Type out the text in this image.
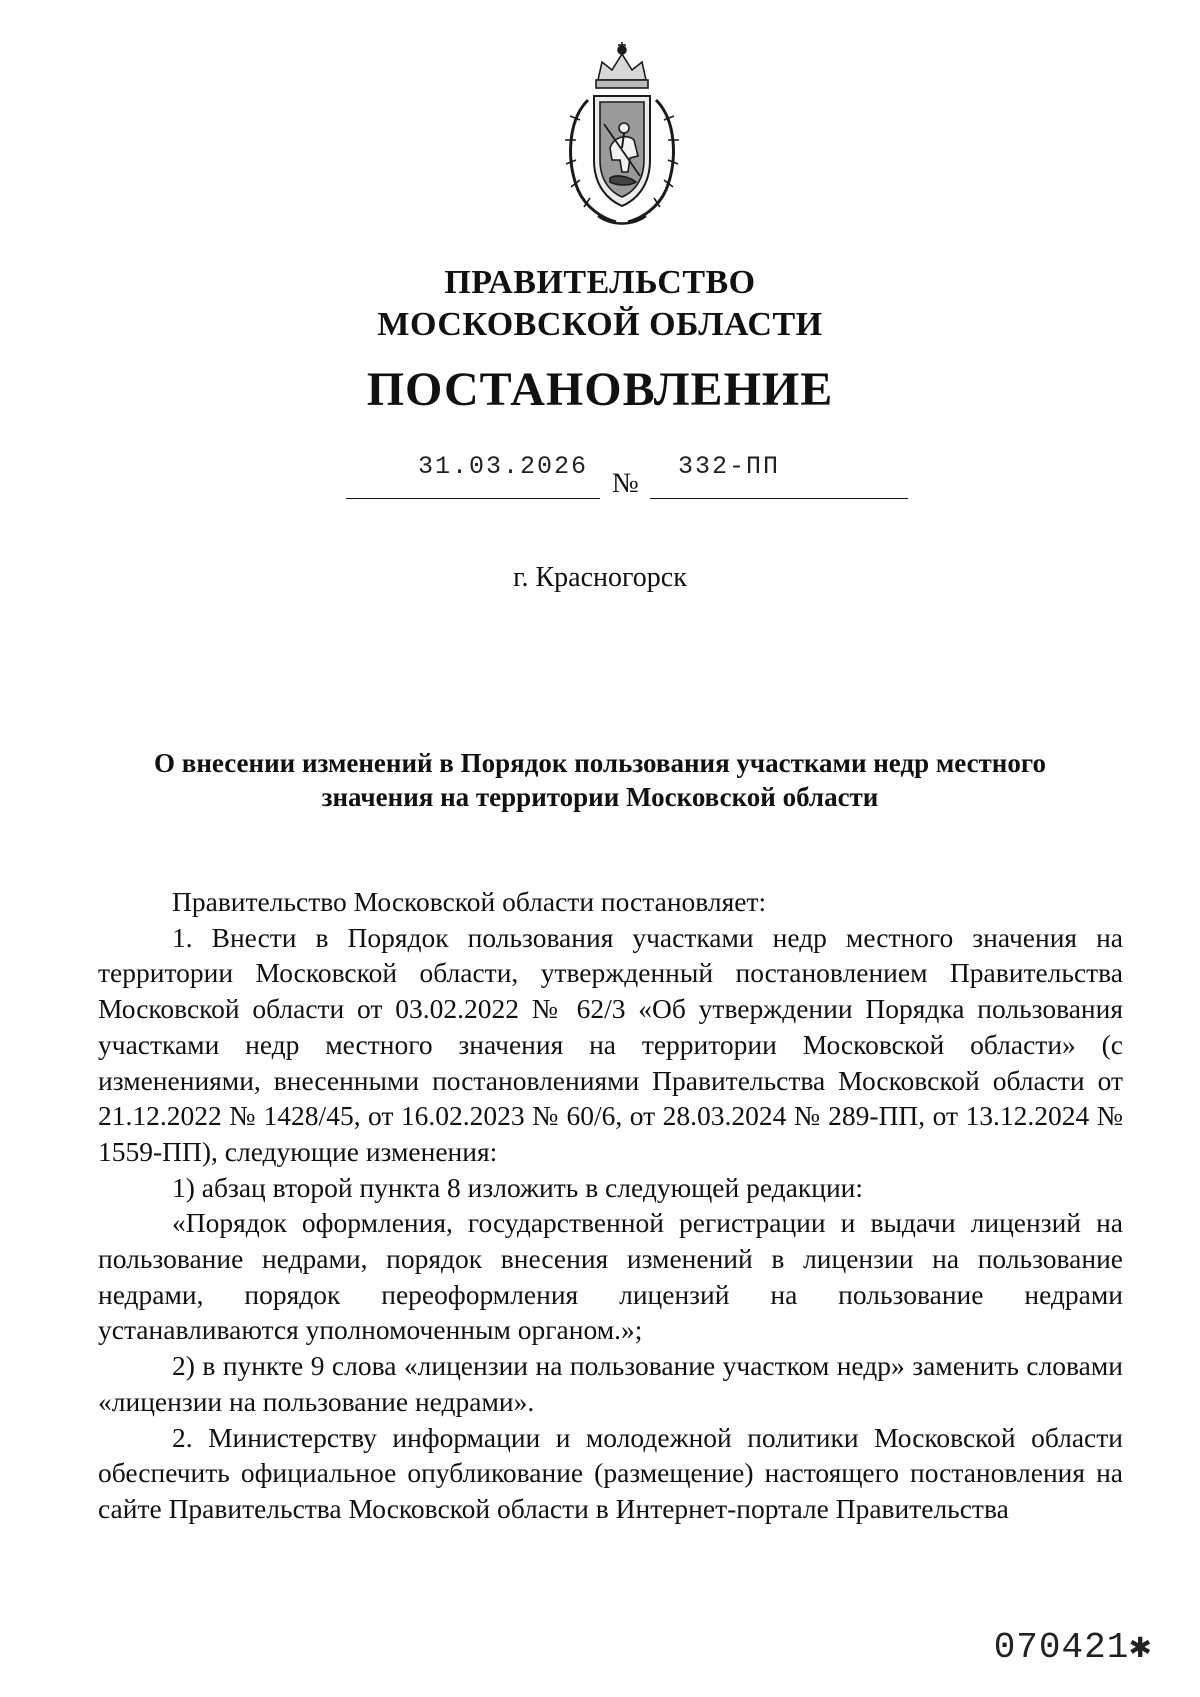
ПРАВИТЕЛЬСТВО
МОСКОВСКОЙ ОБЛАСТИ
ПОСТАНОВЛЕНИЕ
31.03.2026
№
332-ПП
г. Красногорск
О внесении изменений в Порядок пользования участками недр местного
значения на территории Московской области

Правительство Московской области постановляет:

1. Внести в Порядок пользования участками недр местного значения на территории Московской области, утвержденный постановлением Правительства Московской области от 03.02.2022 № 62/3 «Об утверждении Порядка пользования участками недр местного значения на территории Московской области» (с изменениями, внесенными постановлениями Правительства Московской области от 21.12.2022 № 1428/45, от 16.02.2023 № 60/6, от 28.03.2024 № 289-ПП, от 13.12.2024 № 1559-ПП), следующие изменения:

1) абзац второй пункта 8 изложить в следующей редакции:

«Порядок оформления, государственной регистрации и выдачи лицензий на пользование недрами, порядок внесения изменений в лицензии на пользование недрами, порядок переоформления лицензий на пользование недрами устанавливаются уполномоченным органом.»;

2) в пункте 9 слова «лицензии на пользование участком недр» заменить словами «лицензии на пользование недрами».

2. Министерству информации и молодежной политики Московской области обеспечить официальное опубликование (размещение) настоящего постановления на сайте Правительства Московской области в Интернет-портале Правительства

070421✱
